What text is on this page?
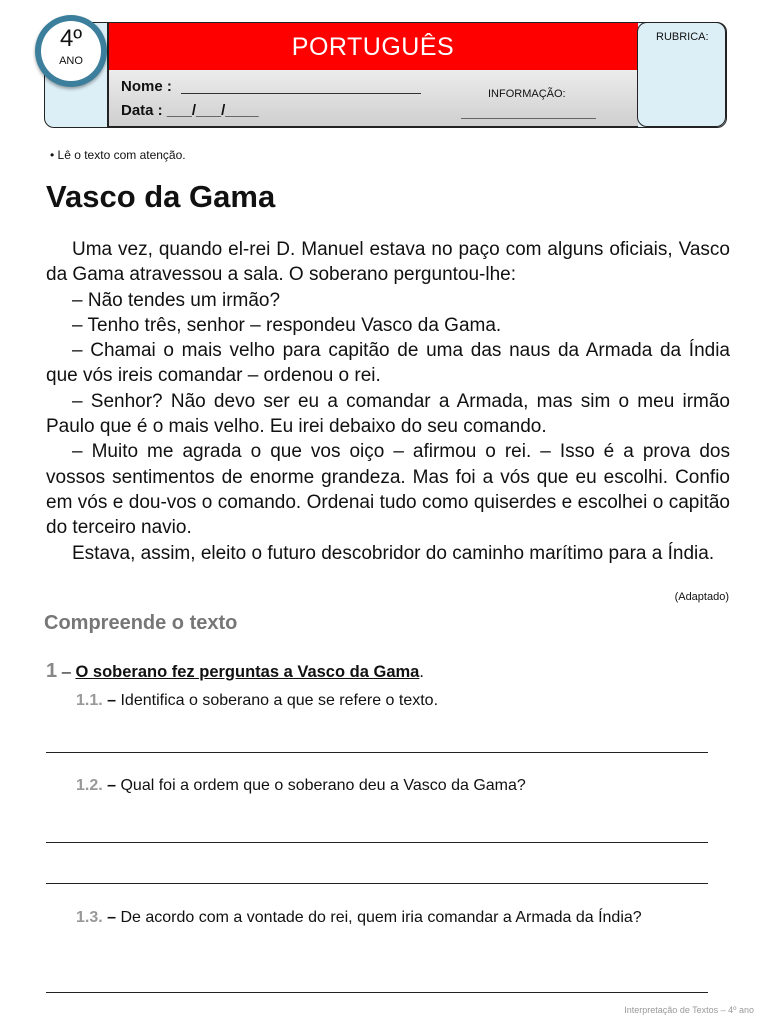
PORTUGUÊS	RUBRICA:
4º
ANO
Nome :
Data : ___/___/____
INFORMAÇÃO:
• Lê o texto com atenção.
Vasco da Gama

Uma vez, quando el-rei D. Manuel estava no paço com alguns oficiais, Vasco da Gama atravessou a sala. O soberano perguntou-lhe:

– Não tendes um irmão?

– Tenho três, senhor – respondeu Vasco da Gama.

– Chamai o mais velho para capitão de uma das naus da Armada da Índia que vós ireis comandar – ordenou o rei.

– Senhor? Não devo ser eu a comandar a Armada, mas sim o meu irmão Paulo que é o mais velho. Eu irei debaixo do seu comando.

– Muito me agrada o que vos oiço – afirmou o rei. – Isso é a prova dos vossos sentimentos de enorme grandeza. Mas foi a vós que eu escolhi. Confio em vós e dou-vos o comando. Ordenai tudo como quiserdes e escolhei o capitão do terceiro navio.

Estava, assim, eleito o futuro descobridor do caminho marítimo para a Índia.

(Adaptado)
Compreende o texto
1 – O soberano fez perguntas a Vasco da Gama.
1.1. – Identifica o soberano a que se refere o texto.
1.2. – Qual foi a ordem que o soberano deu a Vasco da Gama?
1.3. – De acordo com a vontade do rei, quem iria comandar a Armada da Índia?
Interpretação de Textos – 4º ano
